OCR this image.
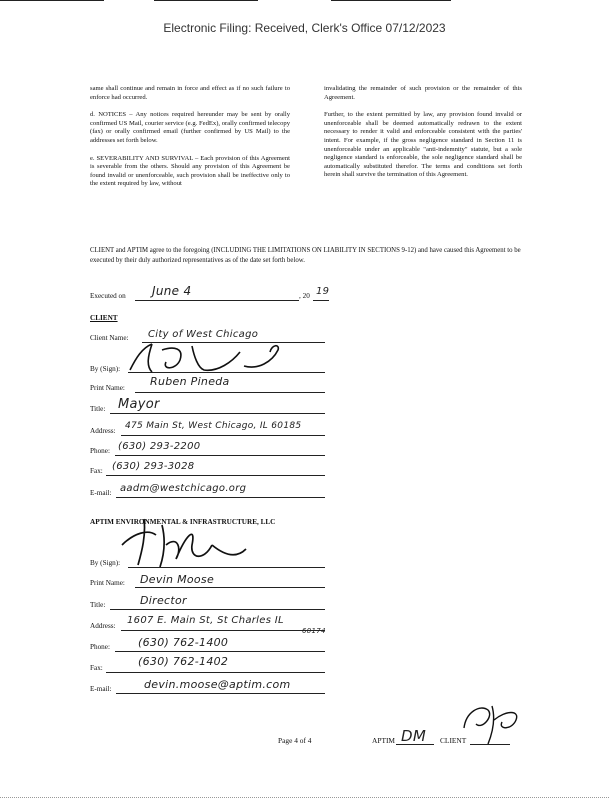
Electronic Filing: Received, Clerk's Office 07/12/2023

same shall continue and remain in force and effect as if no such failure to enforce had occurred.

d. NOTICES – Any notices required hereunder may be sent by orally confirmed US Mail, courier service (e.g. FedEx), orally confirmed telecopy (fax) or orally confirmed email (further confirmed by US Mail) to the addresses set forth below.

e. SEVERABILITY AND SURVIVAL – Each provision of this Agreement is severable from the others. Should any provision of this Agreement be found invalid or unenforceable, such provision shall be ineffective only to the extent required by law, without

invalidating the remainder of such provision or the remainder of this Agreement.

Further, to the extent permitted by law, any provision found invalid or unenforceable shall be deemed automatically redrawn to the extent necessary to render it valid and enforceable consistent with the parties' intent. For example, if the gross negligence standard in Section 11 is unenforceable under an applicable "anti-indemnity" statute, but a sole negligence standard is enforceable, the sole negligence standard shall be automatically substituted therefor. The terms and conditions set forth herein shall survive the termination of this Agreement.

CLIENT and APTIM agree to the foregoing (INCLUDING THE LIMITATIONS ON LIABILITY IN SECTIONS 9-12) and have caused this Agreement to be executed by their duly authorized representatives as of the date set forth below.
Executed on June 4	, 20 19
CLIENT
Client Name: City of West Chicago
By (Sign):
Print Name: Ruben Pineda
Title: Mayor
Address: 475 Main St, West Chicago, IL 60185
Phone: (630) 293-2200
Fax: (630) 293-3028
E-mail: aadm@westchicago.org
APTIM ENVIRONMENTAL & INFRASTRUCTURE, LLC
By (Sign):
Print Name: Devin Moose
Title:	Director
Address: 1607 E. Main St, St Charles IL
60174
Phone:	(630) 762-1400
Fax:	(630) 762-1402
E-mail:	devin.moose@aptim.com
Page 4 of 4	APTIM DM CLIENT
